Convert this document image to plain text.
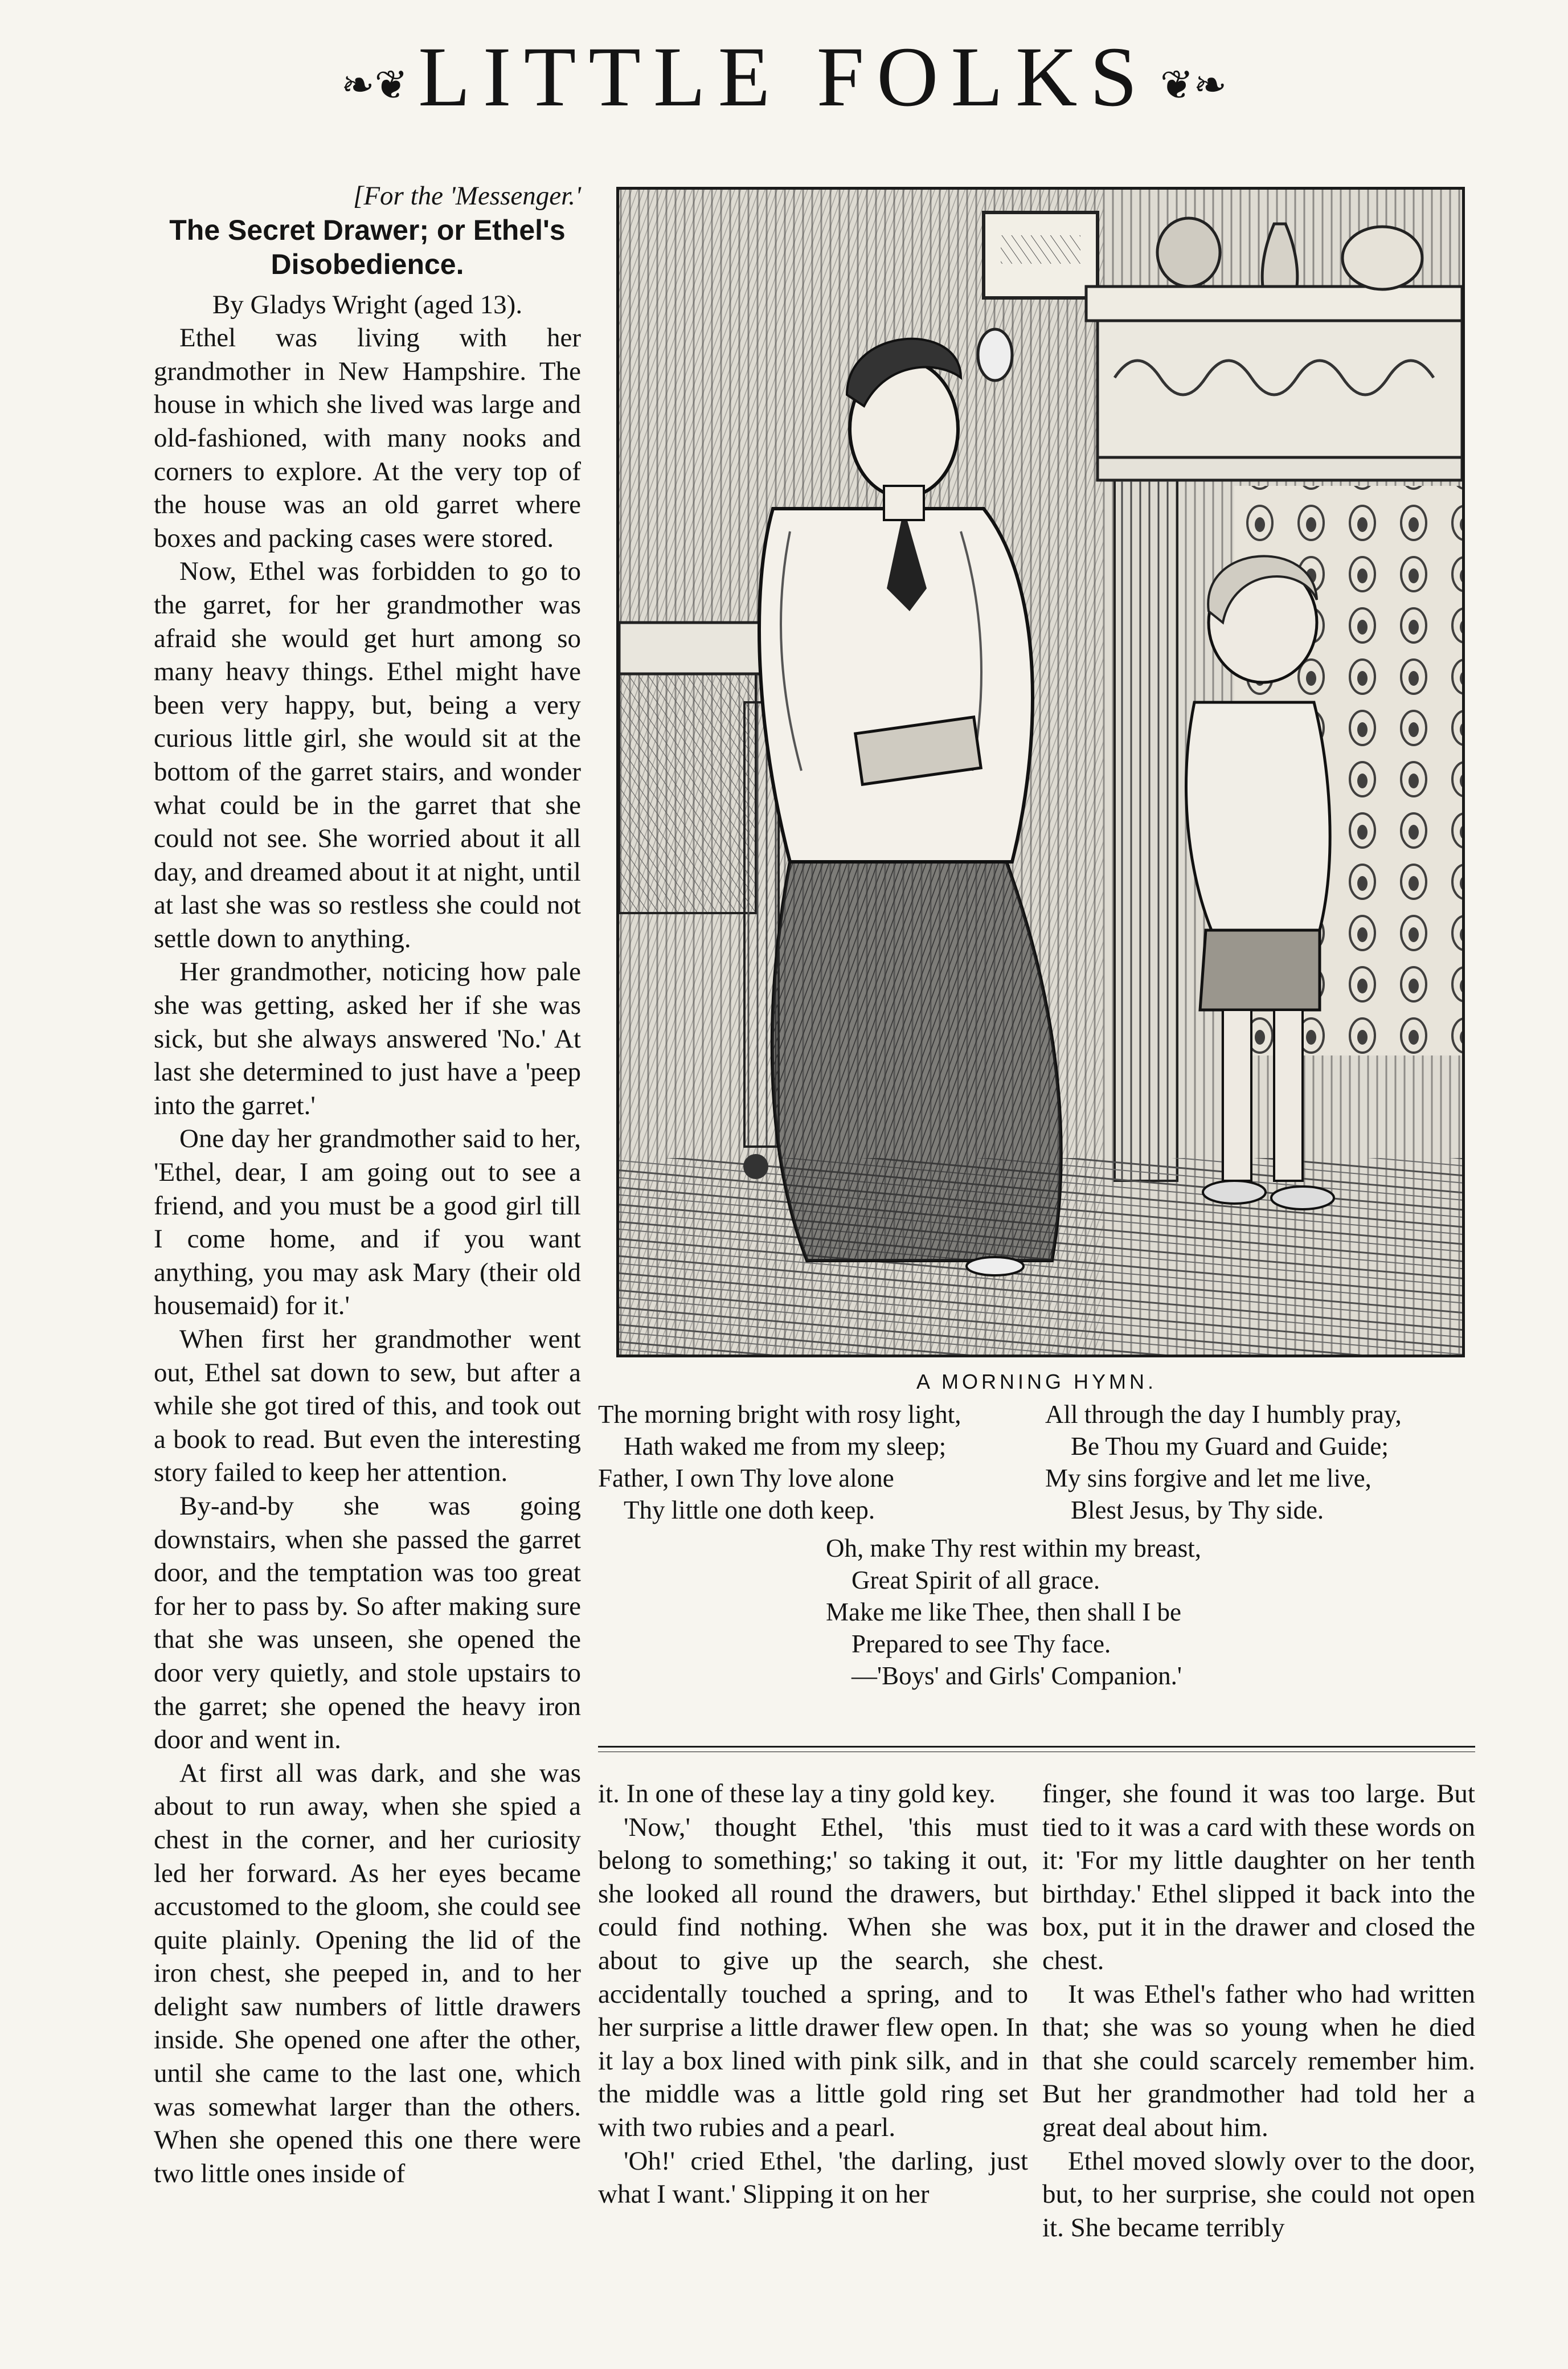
❧❦ LITTLE FOLKS ❦❧

[For the 'Messenger.'

The Secret Drawer; or Ethel's
Disobedience.

By Gladys Wright (aged 13).

Ethel was living with her grandmother in New Hampshire. The house in which she lived was large and old-fashioned, with many nooks and corners to explore. At the very top of the house was an old garret where boxes and packing cases were stored.

Now, Ethel was forbidden to go to the garret, for her grandmother was afraid she would get hurt among so many heavy things. Ethel might have been very happy, but, being a very curious little girl, she would sit at the bottom of the garret stairs, and wonder what could be in the garret that she could not see. She worried about it all day, and dreamed about it at night, until at last she was so restless she could not settle down to anything.

Her grandmother, noticing how pale she was getting, asked her if she was sick, but she always answered 'No.' At last she determined to just have a 'peep into the garret.'

One day her grandmother said to her, 'Ethel, dear, I am going out to see a friend, and you must be a good girl till I come home, and if you want anything, you may ask Mary (their old housemaid) for it.'

When first her grandmother went out, Ethel sat down to sew, but after a while she got tired of this, and took out a book to read. But even the interesting story failed to keep her attention.

By-and-by she was going downstairs, when she passed the garret door, and the temptation was too great for her to pass by. So after making sure that she was unseen, she opened the door very quietly, and stole upstairs to the garret; she opened the heavy iron door and went in.

At first all was dark, and she was about to run away, when she spied a chest in the corner, and her curiosity led her forward. As her eyes became accustomed to the gloom, she could see quite plainly. Opening the lid of the iron chest, she peeped in, and to her delight saw numbers of little drawers inside. She opened one after the other, until she came to the last one, which was somewhat larger than the others. When she opened this one there were two little ones inside of

A MORNING HYMN.
The morning bright with rosy light,
Hath waked me from my sleep;
Father, I own Thy love alone
Thy little one doth keep.
All through the day I humbly pray,
Be Thou my Guard and Guide;
My sins forgive and let me live,
Blest Jesus, by Thy side.
Oh, make Thy rest within my breast,
Great Spirit of all grace.
Make me like Thee, then shall I be
Prepared to see Thy face.
—'Boys' and Girls' Companion.'

it. In one of these lay a tiny gold key.

'Now,' thought Ethel, 'this must belong to something;' so taking it out, she looked all round the drawers, but could find nothing. When she was about to give up the search, she accidentally touched a spring, and to her surprise a little drawer flew open. In it lay a box lined with pink silk, and in the middle was a little gold ring set with two rubies and a pearl.

'Oh!' cried Ethel, 'the darling, just what I want.' Slipping it on her

finger, she found it was too large. But tied to it was a card with these words on it: 'For my little daughter on her tenth birthday.' Ethel slipped it back into the box, put it in the drawer and closed the chest.

It was Ethel's father who had written that; she was so young when he died that she could scarcely remember him. But her grandmother had told her a great deal about him.

Ethel moved slowly over to the door, but, to her surprise, she could not open it. She became terribly
